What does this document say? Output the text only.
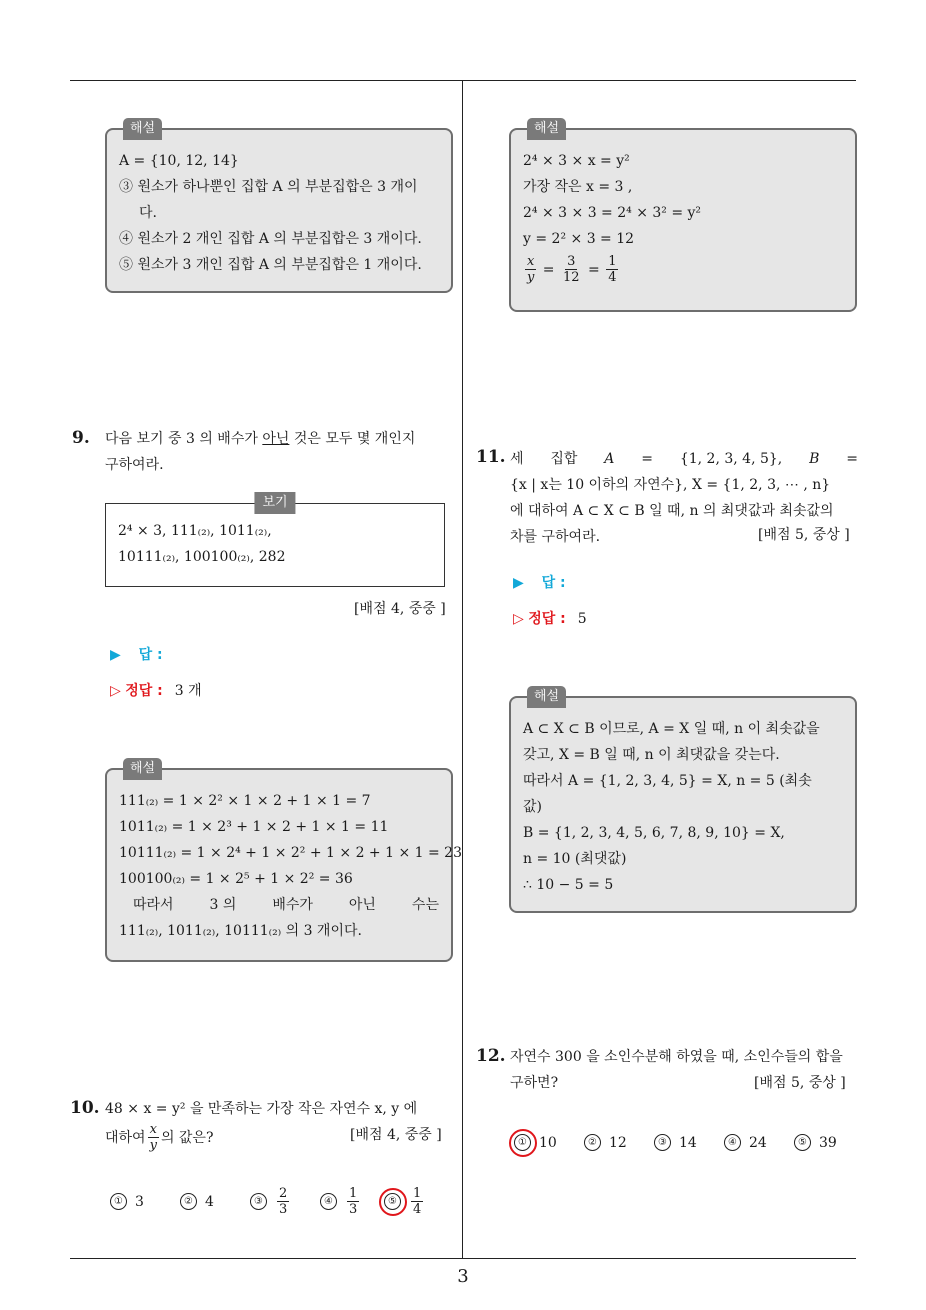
해설
A = {10, 12, 14}
③ 원소가 하나뿐인 집합 A 의 부분집합은 3 개이
다.
④ 원소가 2 개인 집합 A 의 부분집합은 3 개이다.
⑤ 원소가 3 개인 집합 A 의 부분집합은 1 개이다.
9. 다음 보기 중 3 의 배수가 아닌 것은 모두 몇 개인지
구하여라.
보기
2⁴ × 3, 111₍₂₎, 1011₍₂₎,
10111₍₂₎, 100100₍₂₎, 282
[배점 4, 중중 ]
▶ 답 :
▷ 정답 : 3 개
해설
111₍₂₎ = 1 × 2² × 1 × 2 + 1 × 1 = 7
1011₍₂₎ = 1 × 2³ + 1 × 2 + 1 × 1 = 11
10111₍₂₎ = 1 × 2⁴ + 1 × 2² + 1 × 2 + 1 × 1 = 23
100100₍₂₎ = 1 × 2⁵ + 1 × 2² = 36
따라서	3 의	배수가	아닌	수는
111₍₂₎, 1011₍₂₎, 10111₍₂₎ 의 3 개이다.
10. 48 × x = y² 을 만족하는 가장 작은 자연수 x, y 에
대하여 $\frac{x}{y}$ 의 값은?	[배점 4, 중중 ]
① 3	② 4	③	$\frac{2}{3}$	④	$\frac{1}{3}$	⑤	$\frac{1}{4}$
해설
2⁴ × 3 × x = y²
가장 작은 x = 3 ,
2⁴ × 3 × 3 = 2⁴ × 3² = y²
y = 2² × 3 = 12
$\frac{x}{y} = \frac{3}{12} = \frac{1}{4}$
11. 세 집합 A = {1, 2, 3, 4, 5}, B =
{x | x는 10 이하의 자연수}, X = {1, 2, 3, ⋯ , n}
에 대하여 A ⊂ X ⊂ B 일 때, n 의 최댓값과 최솟값의
차를 구하여라.	[배점 5, 중상 ]
▶ 답 :
▷ 정답 : 5
해설
A ⊂ X ⊂ B 이므로, A = X 일 때, n 이 최솟값을
갖고, X = B 일 때, n 이 최댓값을 갖는다.
따라서 A = {1, 2, 3, 4, 5} = X, n = 5 (최솟
값)
B = {1, 2, 3, 4, 5, 6, 7, 8, 9, 10} = X,
n = 10 (최댓값)
∴ 10 − 5 = 5
12. 자연수 300 을 소인수분해 하였을 때, 소인수들의 합을
구하면?	[배점 5, 중상 ]
① 10	② 12	③ 14	④ 24	⑤ 39
3
